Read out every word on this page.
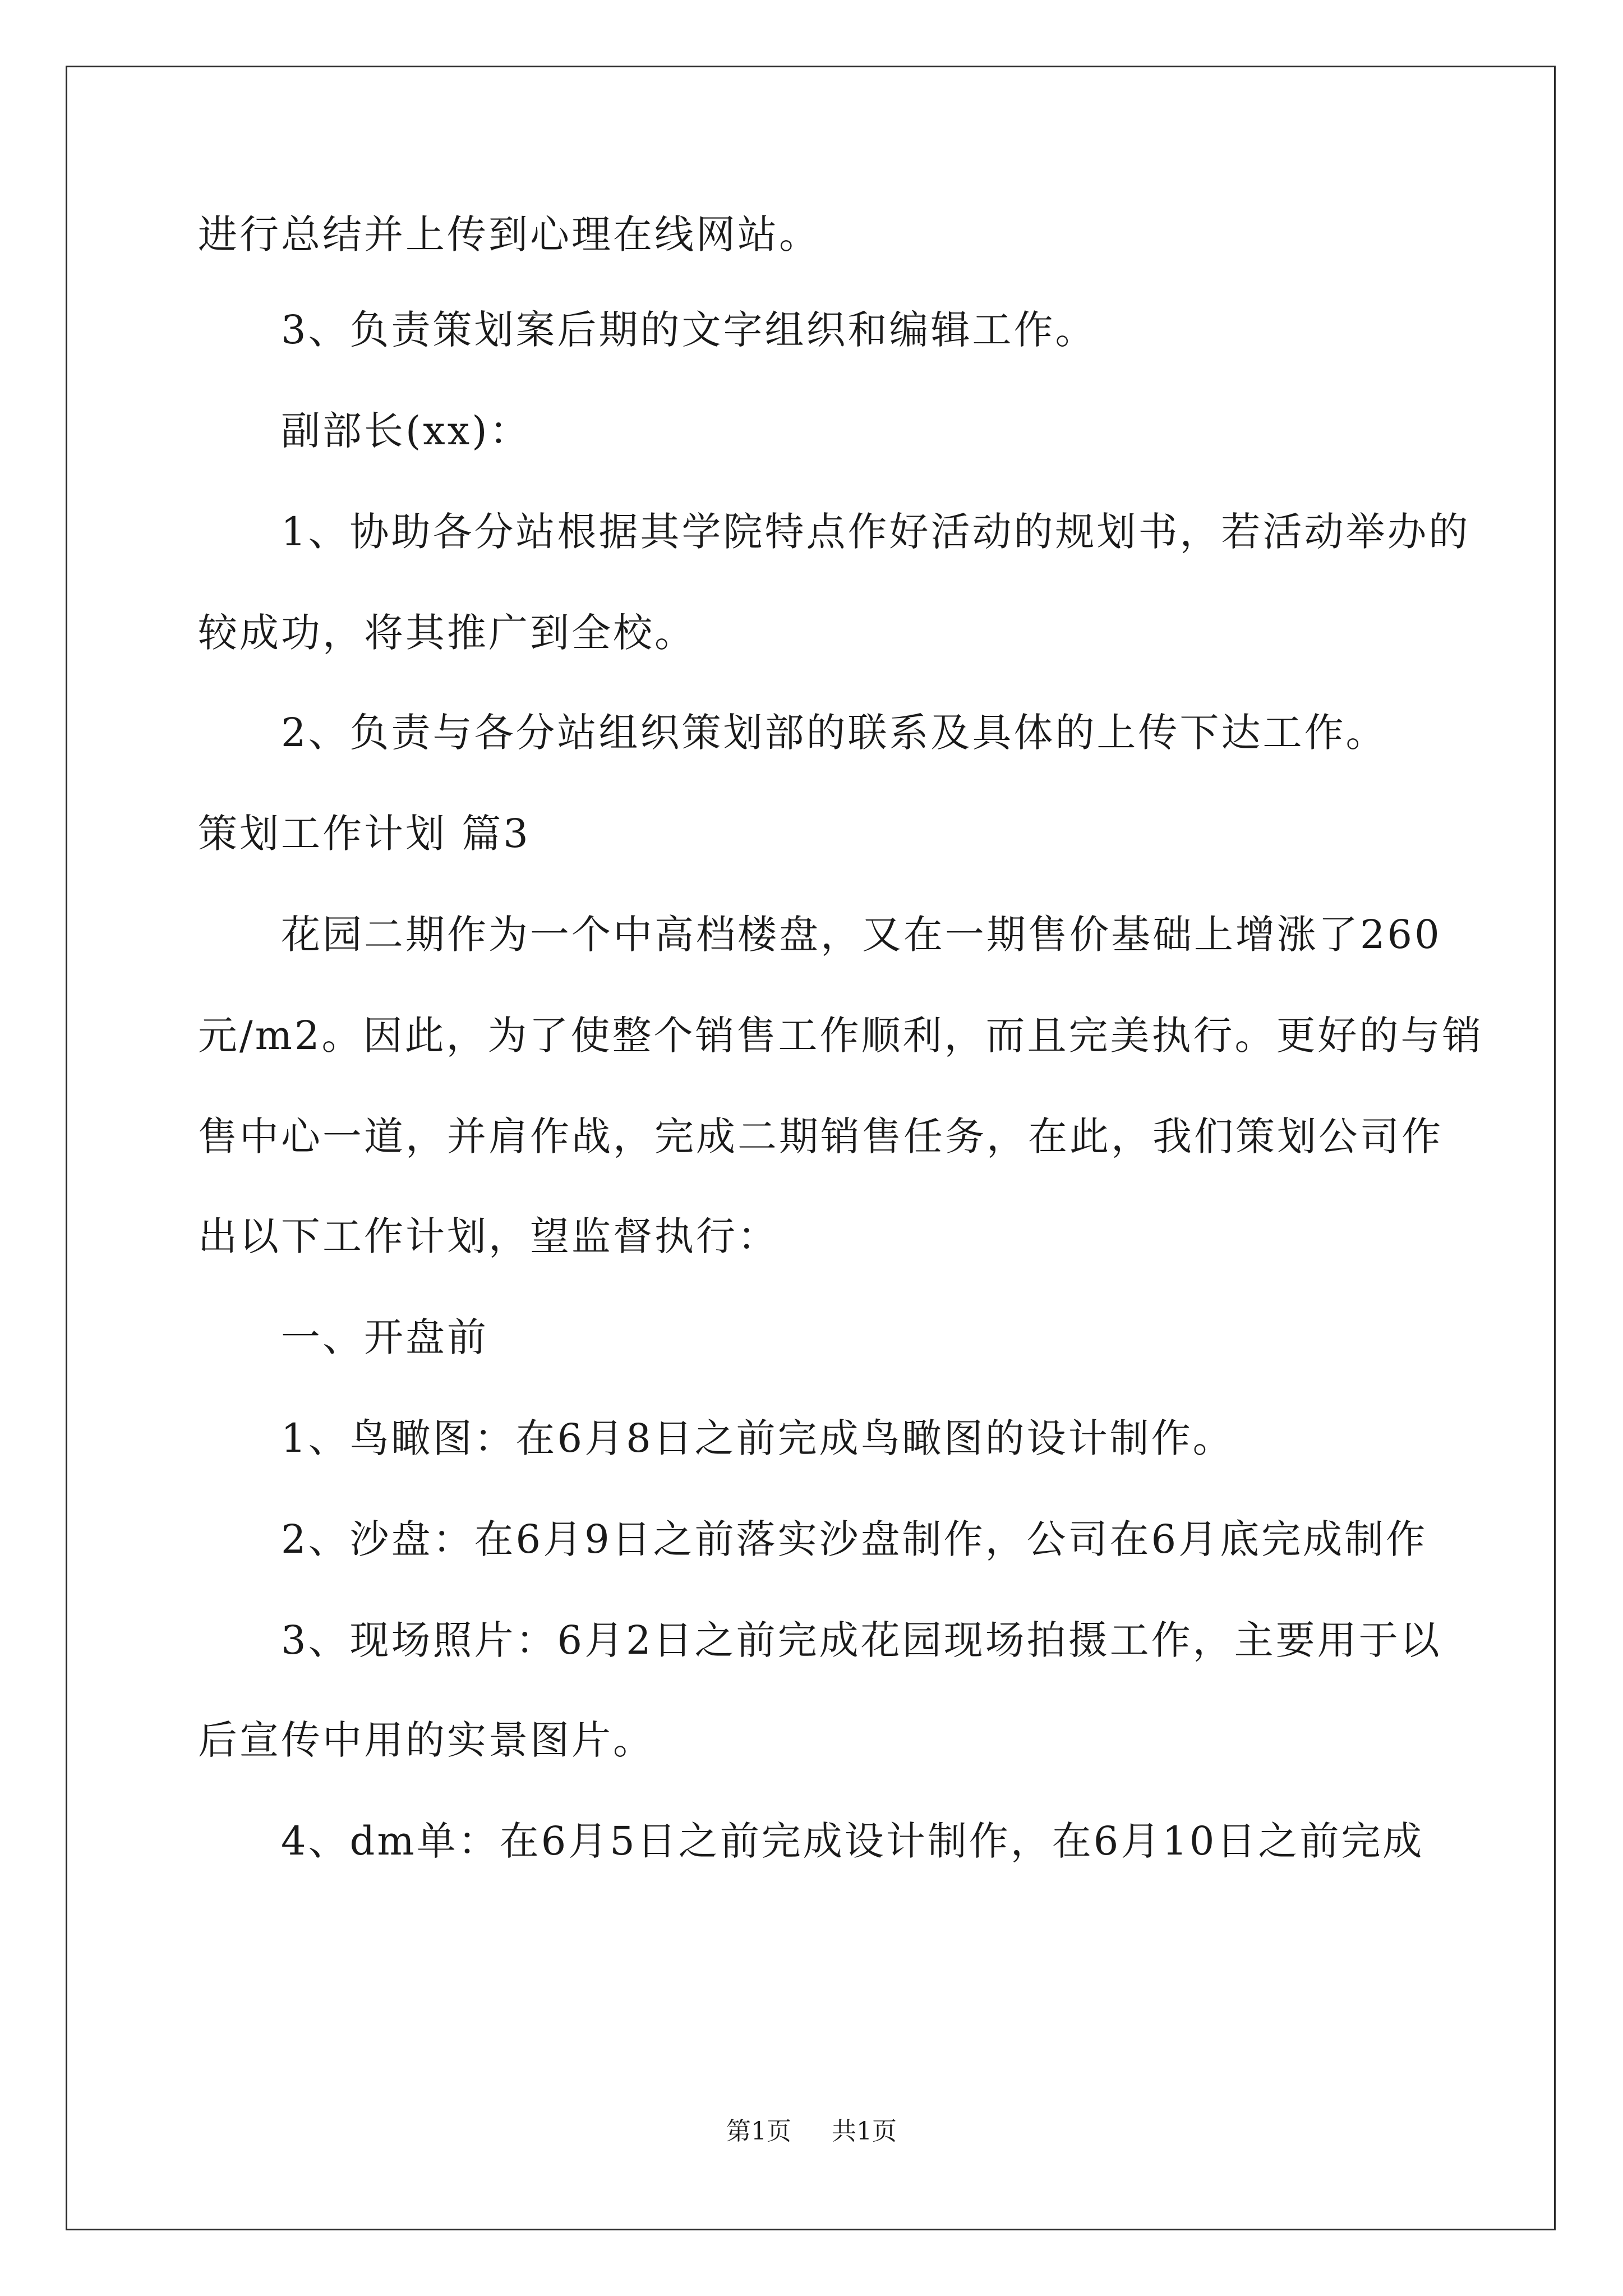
进行总结并上传到心理在线网站。
3、负责策划案后期的文字组织和编辑工作。
副部长(xx)：
1、协助各分站根据其学院特点作好活动的规划书，若活动举办的
较成功，将其推广到全校。
2、负责与各分站组织策划部的联系及具体的上传下达工作。
策划工作计划 篇3
花园二期作为一个中高档楼盘，又在一期售价基础上增涨了260
元/m2。因此，为了使整个销售工作顺利，而且完美执行。更好的与销
售中心一道，并肩作战，完成二期销售任务，在此，我们策划公司作
出以下工作计划，望监督执行：
一、开盘前
1、鸟瞰图：在6月8日之前完成鸟瞰图的设计制作。
2、沙盘：在6月9日之前落实沙盘制作，公司在6月底完成制作
3、现场照片：6月2日之前完成花园现场拍摄工作，主要用于以
后宣传中用的实景图片。
4、dm单：在6月5日之前完成设计制作，在6月10日之前完成
第1页 共1页
